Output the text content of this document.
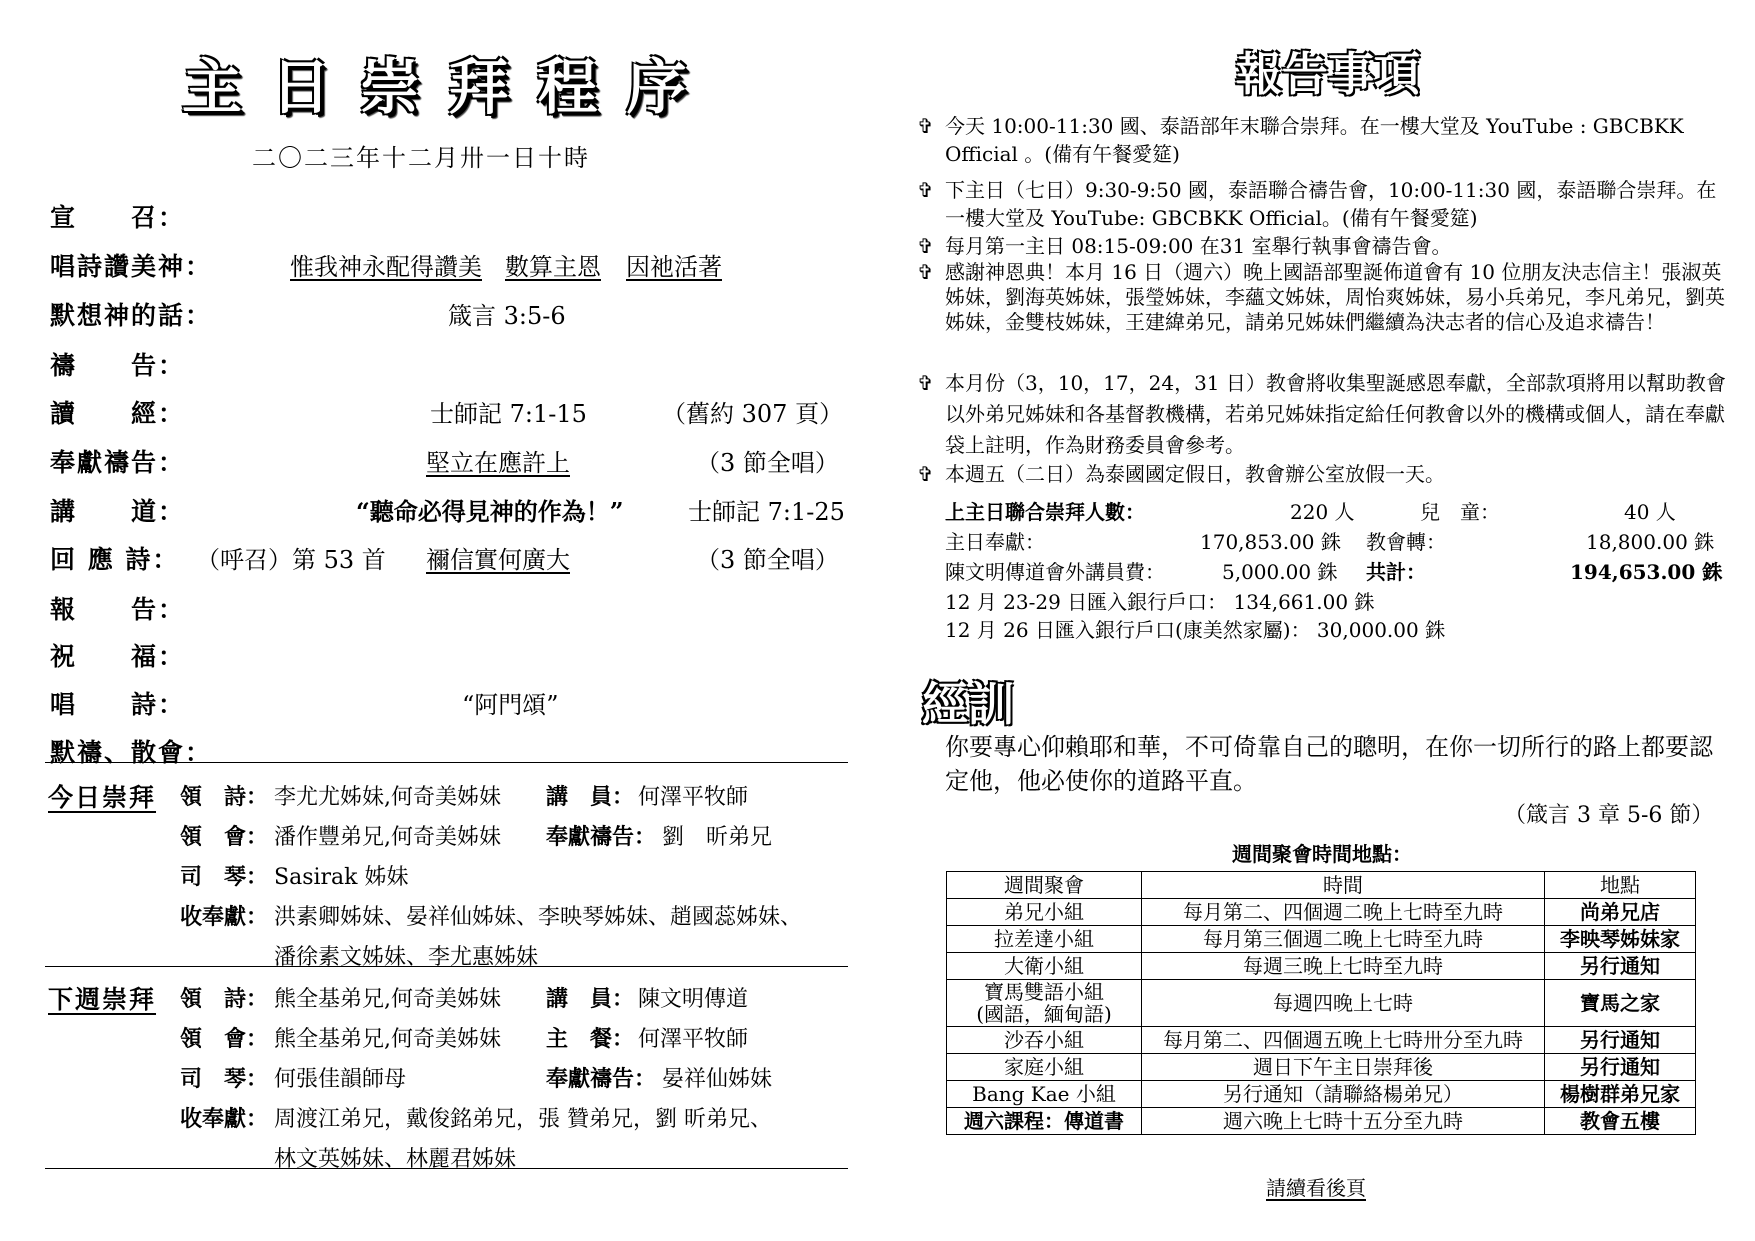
主 日 崇 拜 程 序
二〇二三年十二月卅一日十時
宣　　召：
唱詩讚美神：	惟我神永配得讚美 數算主恩 因祂活著
默想神的話：	箴言 3:5-6
禱　　告：
讀　　經：	士師記 7:1-15	（舊約 307 頁）
奉獻禱告：	堅立在應許上	（3 節全唱）
講　　道：	“聽命必得見神的作為！”	士師記 7:1-25
回 應 詩： （呼召）第 53 首 禰信實何廣大	（3 節全唱）
報　　告：
祝　　福：
唱　　詩：	“阿門頌”
默禱、散會：
今日崇拜 領　詩： 李尤尤姊妹,何奇美姊妹 講　員： 何澤平牧師
領　會： 潘作豐弟兄,何奇美姊妹 奉獻禱告： 劉　昕弟兄
司　琴： Sasirak 姊妹
收奉獻： 洪素卿姊妹、晏祥仙姊妹、李映琴姊妹、趙國蕊姊妹、
潘徐素文姊妹、李尤惠姊妹
下週崇拜 領　詩： 熊全基弟兄,何奇美姊妹 講　員： 陳文明傳道
領　會： 熊全基弟兄,何奇美姊妹 主　餐： 何澤平牧師
司　琴： 何張佳韻師母	奉獻禱告： 晏祥仙姊妹
收奉獻： 周渡江弟兄，戴俊銘弟兄，張 贊弟兄，劉 昕弟兄、
林文英姊妹、林麗君姊妹
報告事項
✞ 今天 10:00-11:30 國、泰語部年末聯合崇拜。在一樓大堂及 YouTube : GBCBKK Official 。(備有午餐愛筵)
✞ 下主日（七日）9:30-9:50 國，泰語聯合禱告會，10:00-11:30 國，泰語聯合崇拜。在一樓大堂及 YouTube: GBCBKK Official。(備有午餐愛筵)
✞ 每月第一主日 08:15-09:00 在31 室舉行執事會禱告會。
✞ 感謝神恩典！本月 16 日（週六）晚上國語部聖誕佈道會有 10 位朋友決志信主！張淑英姊妹，劉海英姊妹，張瑩姊妹，李蘊文姊妹，周怡爽姊妹，易小兵弟兄，李凡弟兄，劉英姊妹，金雙枝姊妹，王建緯弟兄，請弟兄姊妹們繼續為決志者的信心及追求禱告！
✞ 本月份（3，10，17，24，31 日）教會將收集聖誕感恩奉獻，全部款項將用以幫助教會以外弟兄姊妹和各基督教機構，若弟兄姊妹指定給任何教會以外的機構或個人，請在奉獻袋上註明，作為財務委員會參考。
✞ 本週五（二日）為泰國國定假日，教會辦公室放假一天。
上主日聯合崇拜人數：	220 人	兒　童：	40 人
主日奉獻：	170,853.00 銖 教會轉：	18,800.00 銖
陳文明傳道會外講員費：	5,000.00 銖 共計：	194,653.00 銖
12 月 23-29 日匯入銀行戶口： 134,661.00 銖
12 月 26 日匯入銀行戶口(康美然家屬)： 30,000.00 銖
經訓
你要專心仰賴耶和華，不可倚靠自己的聰明，在你一切所行的路上都要認定他，他必使你的道路平直。
（箴言 3 章 5-6 節）
週間聚會時間地點：
週間聚會	時間	地點
弟兄小組	每月第二、四個週二晚上七時至九時	尚弟兄店
拉差達小組	每月第三個週二晚上七時至九時	李映琴姊妹家
大衛小組	每週三晚上七時至九時	另行通知
寶馬雙語小組
(國語，緬甸語)	每週四晚上七時	寶馬之家
沙吞小組	每月第二、四個週五晚上七時卅分至九時	另行通知
家庭小組	週日下午主日崇拜後	另行通知
Bang Kae 小組	另行通知（請聯絡楊弟兄）	楊樹群弟兄家
週六課程：傳道書	週六晚上七時十五分至九時	教會五樓
請續看後頁
